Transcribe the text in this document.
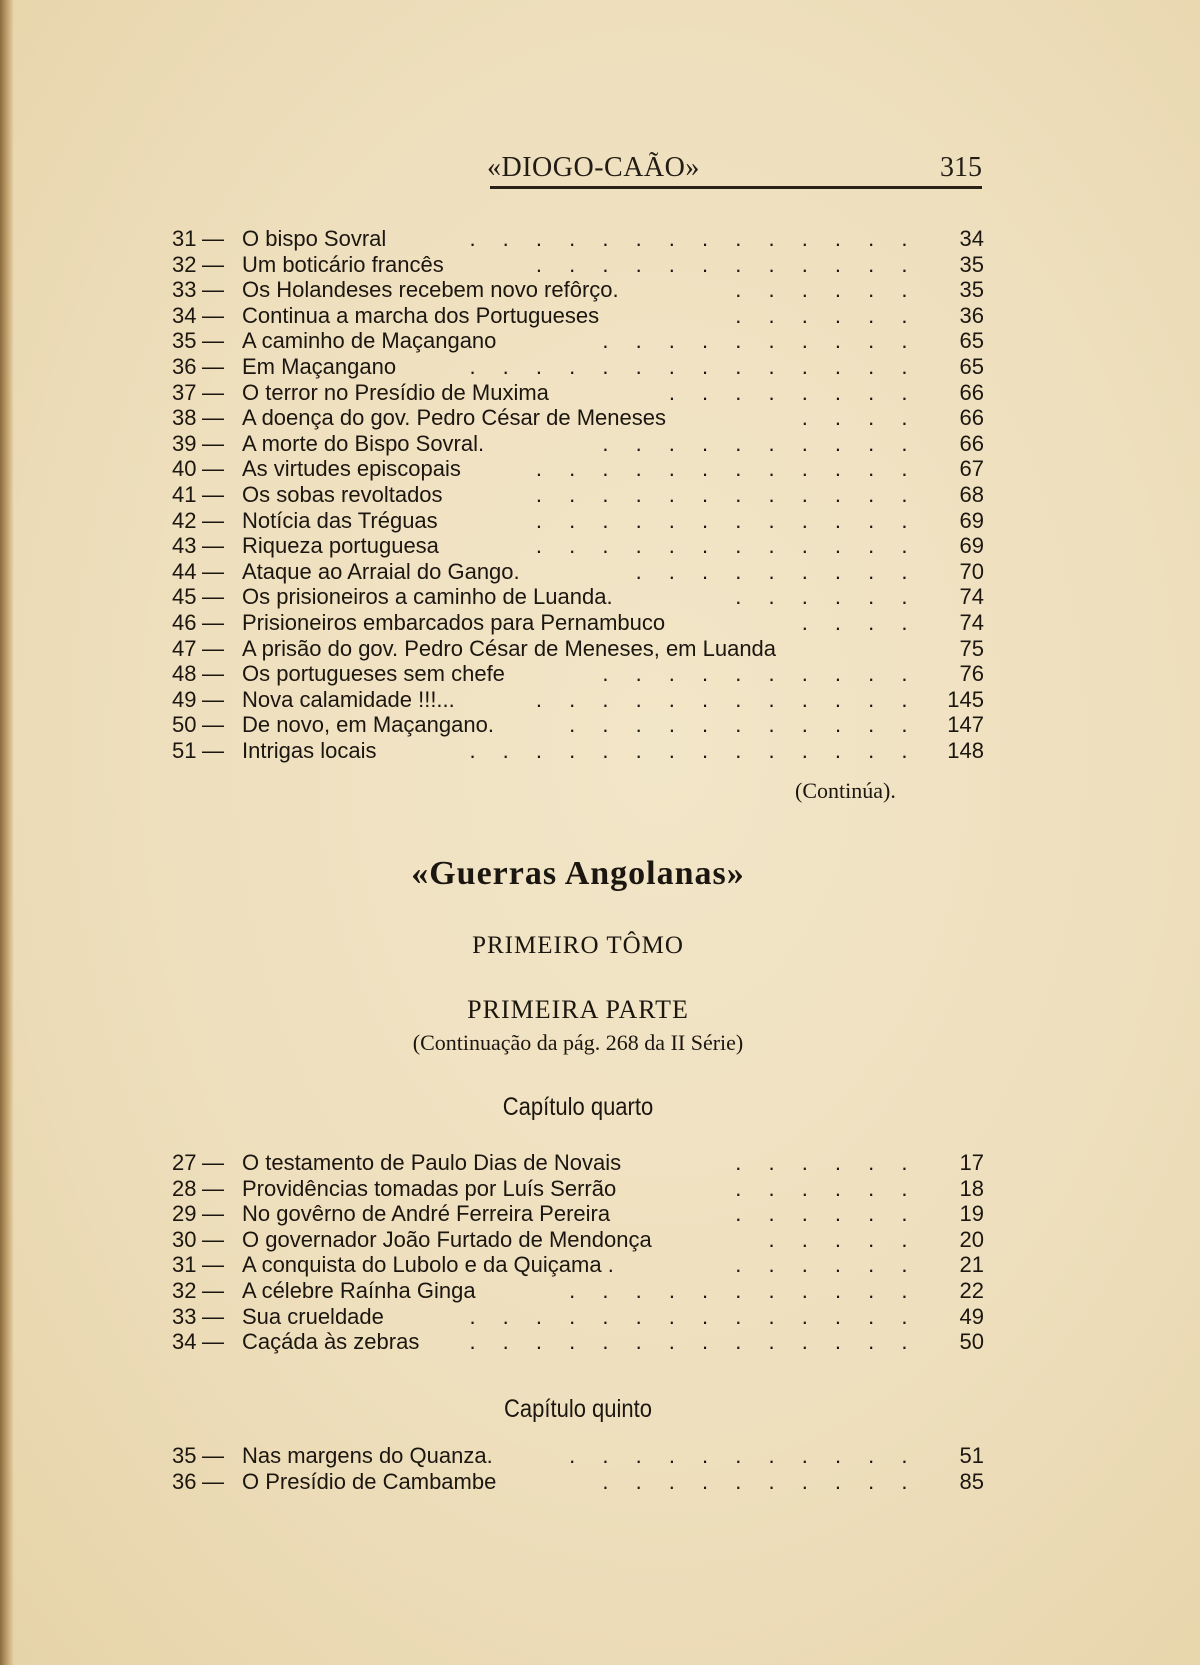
«DIOGO-CAÃO»	315
31 — O bispo Sovral	. . . . . . . . . . . . . . 34
32 — Um boticário francês	. . . . . . . . . . . . 35
33 — Os Holandeses recebem novo refôrço.	. . . . . . 35
34 — Continua a marcha dos Portugueses	. . . . . . 36
35 — A caminho de Maçangano	. . . . . . . . . . 65
36 — Em Maçangano	. . . . . . . . . . . . . . 65
37 — O terror no Presídio de Muxima	. . . . . . . . 66
38 — A doença do gov. Pedro César de Meneses	. . . . 66
39 — A morte do Bispo Sovral.	. . . . . . . . . . 66
40 — As virtudes episcopais	. . . . . . . . . . . . 67
41 — Os sobas revoltados	. . . . . . . . . . . . 68
42 — Notícia das Tréguas	. . . . . . . . . . . . 69
43 — Riqueza portuguesa	. . . . . . . . . . . . 69
44 — Ataque ao Arraial do Gango.	. . . . . . . . . 70
45 — Os prisioneiros a caminho de Luanda.	. . . . . . 74
46 — Prisioneiros embarcados para Pernambuco	. . . . 74
47 — A prisão do gov. Pedro César de Meneses, em Luanda	75
48 — Os portugueses sem chefe	. . . . . . . . . . 76
49 — Nova calamidade !!!...	. . . . . . . . . . . . 145
50 — De novo, em Maçangano.	. . . . . . . . . . . 147
51 — Intrigas locais	. . . . . . . . . . . . . . 148
(Continúa).
«Guerras Angolanas»
PRIMEIRO TÔMO
PRIMEIRA PARTE
(Continuação da pág. 268 da II Série)
Capítulo quarto
27 — O testamento de Paulo Dias de Novais	. . . . . . 17
28 — Providências tomadas por Luís Serrão	. . . . . . 18
29 — No govêrno de André Ferreira Pereira	. . . . . . 19
30 — O governador João Furtado de Mendonça	. . . . . 20
31 — A conquista do Lubolo e da Quiçama .	. . . . . . 21
32 — A célebre Raínha Ginga	. . . . . . . . . . . 22
33 — Sua crueldade	. . . . . . . . . . . . . . 49
34 — Caçáda às zebras . . . . . . . . . . . . . . 50
Capítulo quinto
35 — Nas margens do Quanza.	. . . . . . . . . . . 51
36 — O Presídio de Cambambe	. . . . . . . . . . 85
